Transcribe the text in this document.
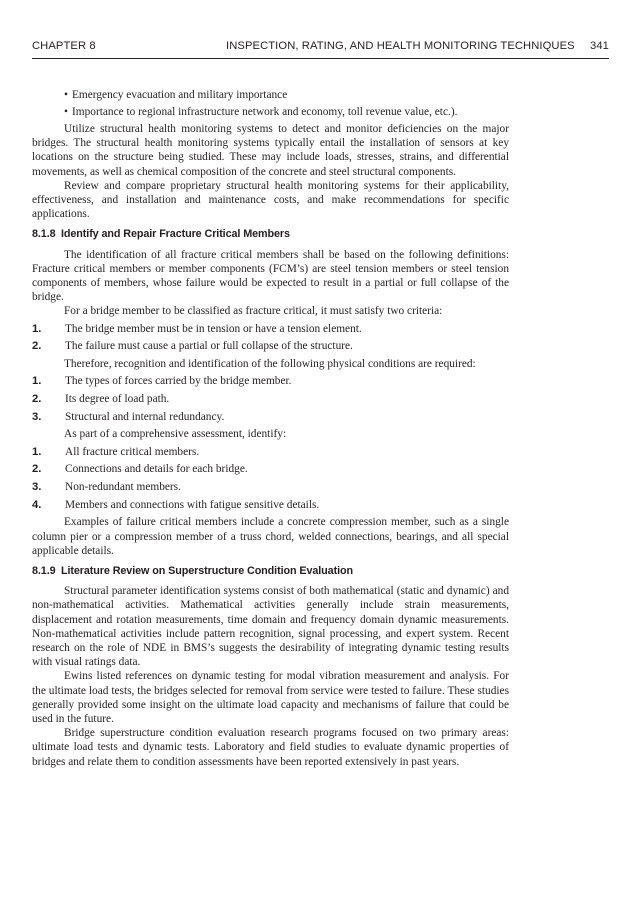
CHAPTER 8	INSPECTION, RATING, AND HEALTH MONITORING TECHNIQUES 341
• Emergency evacuation and military importance
• Importance to regional infrastructure network and economy, toll revenue value, etc.).

Utilize structural health monitoring systems to detect and monitor deficiencies on the major bridges. The structural health monitoring systems typically entail the installation of sensors at key locations on the structure being studied. These may include loads, stresses, strains, and differential movements, as well as chemical composition of the concrete and steel structural components.

Review and compare proprietary structural health monitoring systems for their applicability, effectiveness, and installation and maintenance costs, and make recommendations for specific applications.

8.1.8 Identify and Repair Fracture Critical Members

The identification of all fracture critical members shall be based on the following definitions: Fracture critical members or member components (FCM’s) are steel tension members or steel tension components of members, whose failure would be expected to result in a partial or full collapse of the bridge.

For a bridge member to be classified as fracture critical, it must satisfy two criteria:

1. The bridge member must be in tension or have a tension element.
2. The failure must cause a partial or full collapse of the structure.

Therefore, recognition and identification of the following physical conditions are required:

1. The types of forces carried by the bridge member.
2. Its degree of load path.
3. Structural and internal redundancy.

As part of a comprehensive assessment, identify:

1. All fracture critical members.
2. Connections and details for each bridge.
3. Non-redundant members.
4. Members and connections with fatigue sensitive details.

Examples of failure critical members include a concrete compression member, such as a single column pier or a compression member of a truss chord, welded connections, bearings, and all special applicable details.

8.1.9 Literature Review on Superstructure Condition Evaluation

Structural parameter identification systems consist of both mathematical (static and dynamic) and non-mathematical activities. Mathematical activities generally include strain measurements, displacement and rotation measurements, time domain and frequency domain dynamic measurements. Non-mathematical activities include pattern recognition, signal processing, and expert system. Recent research on the role of NDE in BMS’s suggests the desirability of integrating dynamic testing results with visual ratings data.

Ewins listed references on dynamic testing for modal vibration measurement and analysis. For the ultimate load tests, the bridges selected for removal from service were tested to failure. These studies generally provided some insight on the ultimate load capacity and mechanisms of failure that could be used in the future.

Bridge superstructure condition evaluation research programs focused on two primary areas: ultimate load tests and dynamic tests. Laboratory and field studies to evaluate dynamic properties of bridges and relate them to condition assessments have been reported extensively in past years.
